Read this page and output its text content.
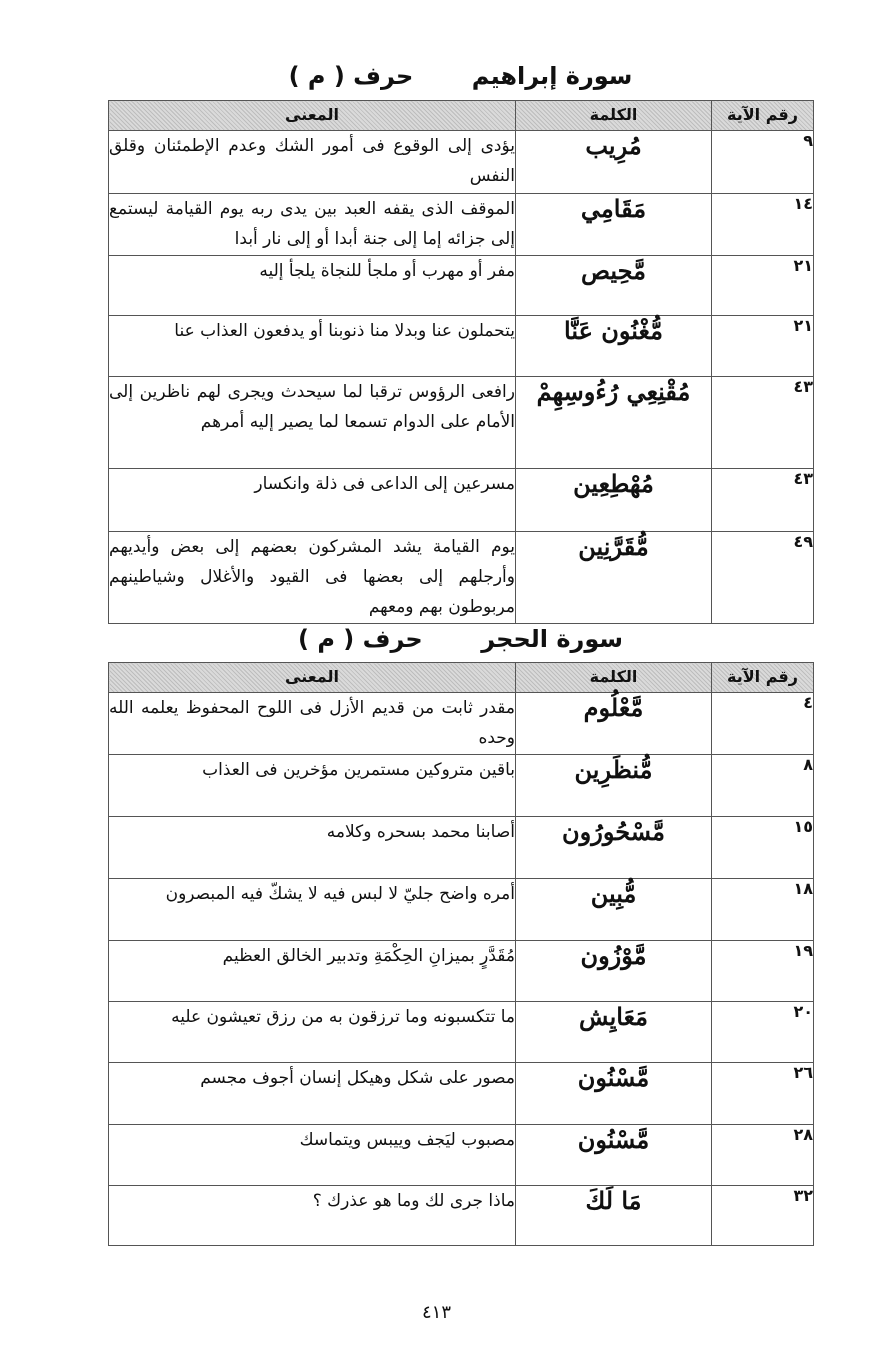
سورة إبراهيم       حرف ( م )
رقم الآية	الكلمة	المعنى
٩	مُرِيب	يؤدى إلى الوقوع فى أمور الشك وعدم الإطمئنان وقلق النفس
١٤	مَقَامِي	الموقف الذى يقفه العبد بين يدى ربه يوم القيامة ليستمع إلى جزائه إما إلى جنة أبدا أو إلى نار أبدا
٢١	مَّحِيص	مفر أو مهرب أو ملجأ للنجاة يلجأ إليه
٢١	مُّغْنُون عَنَّا	يتحملون عنا وبدلا منا ذنوبنا أو يدفعون العذاب عنا
٤٣	مُقْنِعِي رُءُوسِهِمْ	رافعى الرؤوس ترقبا لما سيحدث ويجرى لهم ناظرين إلى الأمام على الدوام تسمعا لما يصير إليه أمرهم
٤٣	مُهْطِعِين	مسرعين إلى الداعى فى ذلة وانكسار
٤٩	مُّقَرَّنِين	يوم القيامة يشد المشركون بعضهم إلى بعض وأيديهم وأرجلهم إلى بعضها فى القيود والأغلال وشياطينهم مربوطون بهم ومعهم
سورة الحجر       حرف ( م )
رقم الآية	الكلمة	المعنى
٤	مَّعْلُوم	مقدر ثابت من قديم الأزل فى اللوح المحفوظ يعلمه الله وحده
٨	مُّنظَرِين	باقين متروكين مستمرين مؤخرين فى العذاب
١٥	مَّسْحُورُون	أصابنا محمد بسحره وكلامه
١٨	مُّبِين	أمره واضح جليّ لا لبس فيه لا يشكّ فيه المبصرون
١٩	مَّوْزُون	مُقَدَّرٍ بميزانِ الحِكْمَةِ وتدبير الخالق العظيم
٢٠	مَعَايِش	ما تتكسبونه وما ترزقون به من رزق تعيشون عليه
٢٦	مَّسْنُون	مصور على شكل وهيكل إنسان أجوف مجسم
٢٨	مَّسْنُون	مصبوب ليَجف وييبس ويتماسك
٣٢	مَا لَكَ	ماذا جرى لك وما هو عذرك ؟
٤١٣
